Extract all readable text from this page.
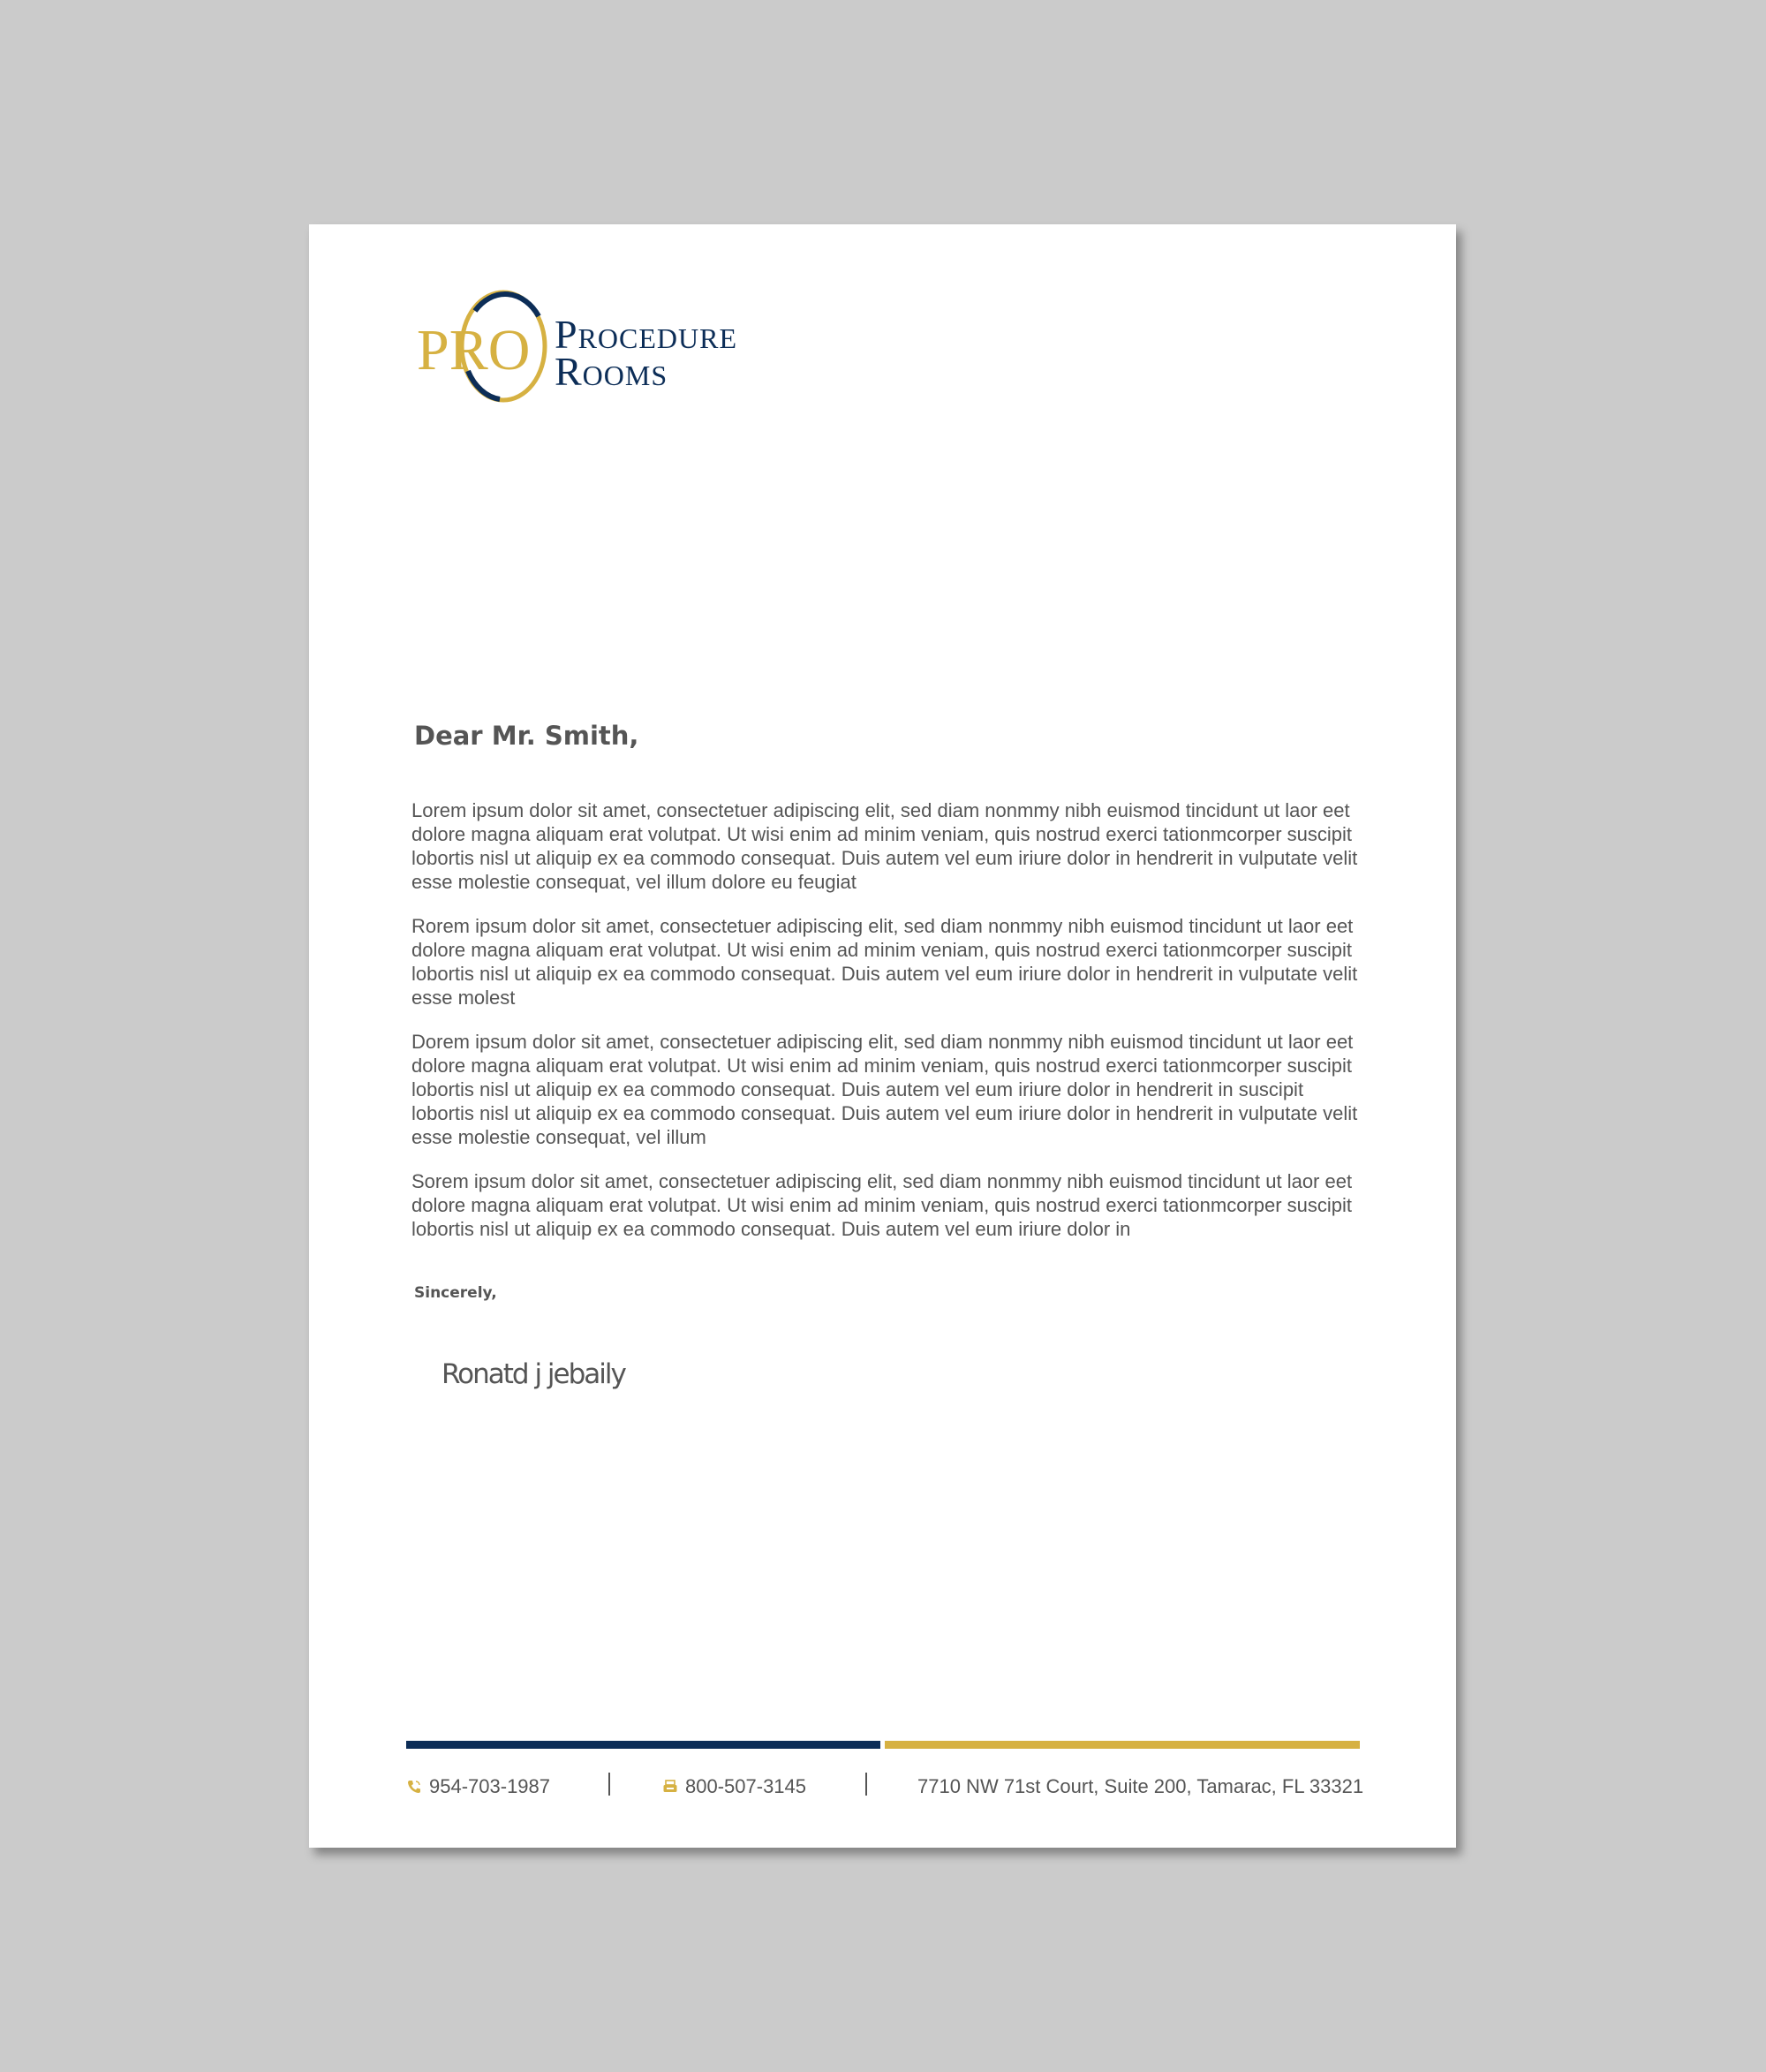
PRO Procedure
Rooms

Dear Mr. Smith,

Lorem ipsum dolor sit amet, consectetuer adipiscing elit, sed diam nonmmy nibh euismod tincidunt ut laor eet dolore magna aliquam erat volutpat. Ut wisi enim ad minim veniam, quis nostrud exerci tationmcorper suscipit lobortis nisl ut aliquip ex ea commodo consequat. Duis autem vel eum iriure dolor in hendrerit in vulputate velit esse molestie consequat, vel illum dolore eu feugiat

Rorem ipsum dolor sit amet, consectetuer adipiscing elit, sed diam nonmmy nibh euismod tincidunt ut laor eet dolore magna aliquam erat volutpat. Ut wisi enim ad minim veniam, quis nostrud exerci tationmcorper suscipit lobortis nisl ut aliquip ex ea commodo consequat. Duis autem vel eum iriure dolor in hendrerit in vulputate velit esse molest

Dorem ipsum dolor sit amet, consectetuer adipiscing elit, sed diam nonmmy nibh euismod tincidunt ut laor eet dolore magna aliquam erat volutpat. Ut wisi enim ad minim veniam, quis nostrud exerci tationmcorper suscipit lobortis nisl ut aliquip ex ea commodo consequat. Duis autem vel eum iriure dolor in hendrerit in suscipit lobortis nisl ut aliquip ex ea commodo consequat. Duis autem vel eum iriure dolor in hendrerit in vulputate velit esse molestie consequat, vel illum

Sorem ipsum dolor sit amet, consectetuer adipiscing elit, sed diam nonmmy nibh euismod tincidunt ut laor eet dolore magna aliquam erat volutpat. Ut wisi enim ad minim veniam, quis nostrud exerci tationmcorper suscipit lobortis nisl ut aliquip ex ea commodo consequat. Duis autem vel eum iriure dolor in

Sincerely,

Ronatd j jebaily

954-703-1987	800-507-3145	7710 NW 71st Court, Suite 200, Tamarac, FL 33321
